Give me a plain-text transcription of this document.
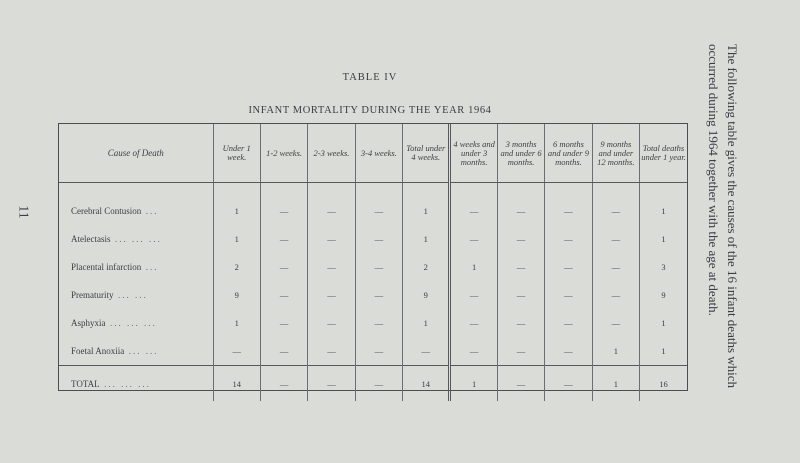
11	The following table gives the causes of the 16 infant deaths which occurred during 1964 together with the age at death.
TABLE IV
INFANT MORTALITY DURING THE YEAR 1964
Cause of Death	Under 1 week.	1-2 weeks.	2-3 weeks.	3-4 weeks.	Total under 4 weeks.	4 weeks and under 3 months.	3 months and under 6 months.	6 months and under 9 months.	9 months and under 12 months.	Total deaths under 1 year.

Cerebral Contusion ...	1	—	—	—	1	—	—	—	—	1
Atelectasis ... ... ...	1	—	—	—	1	—	—	—	—	1
Placental infarction ...	2	—	—	—	2	1	—	—	—	3
Prematurity ... ...	9	—	—	—	9	—	—	—	—	9
Asphyxia ... ... ...	1	—	—	—	1	—	—	—	—	1
Foetal Anoxiia ... ...	—	—	—	—	—	—	—	—	1	1
TOTAL ... ... ...	14	—	—	—	14	1	—	—	1	16
